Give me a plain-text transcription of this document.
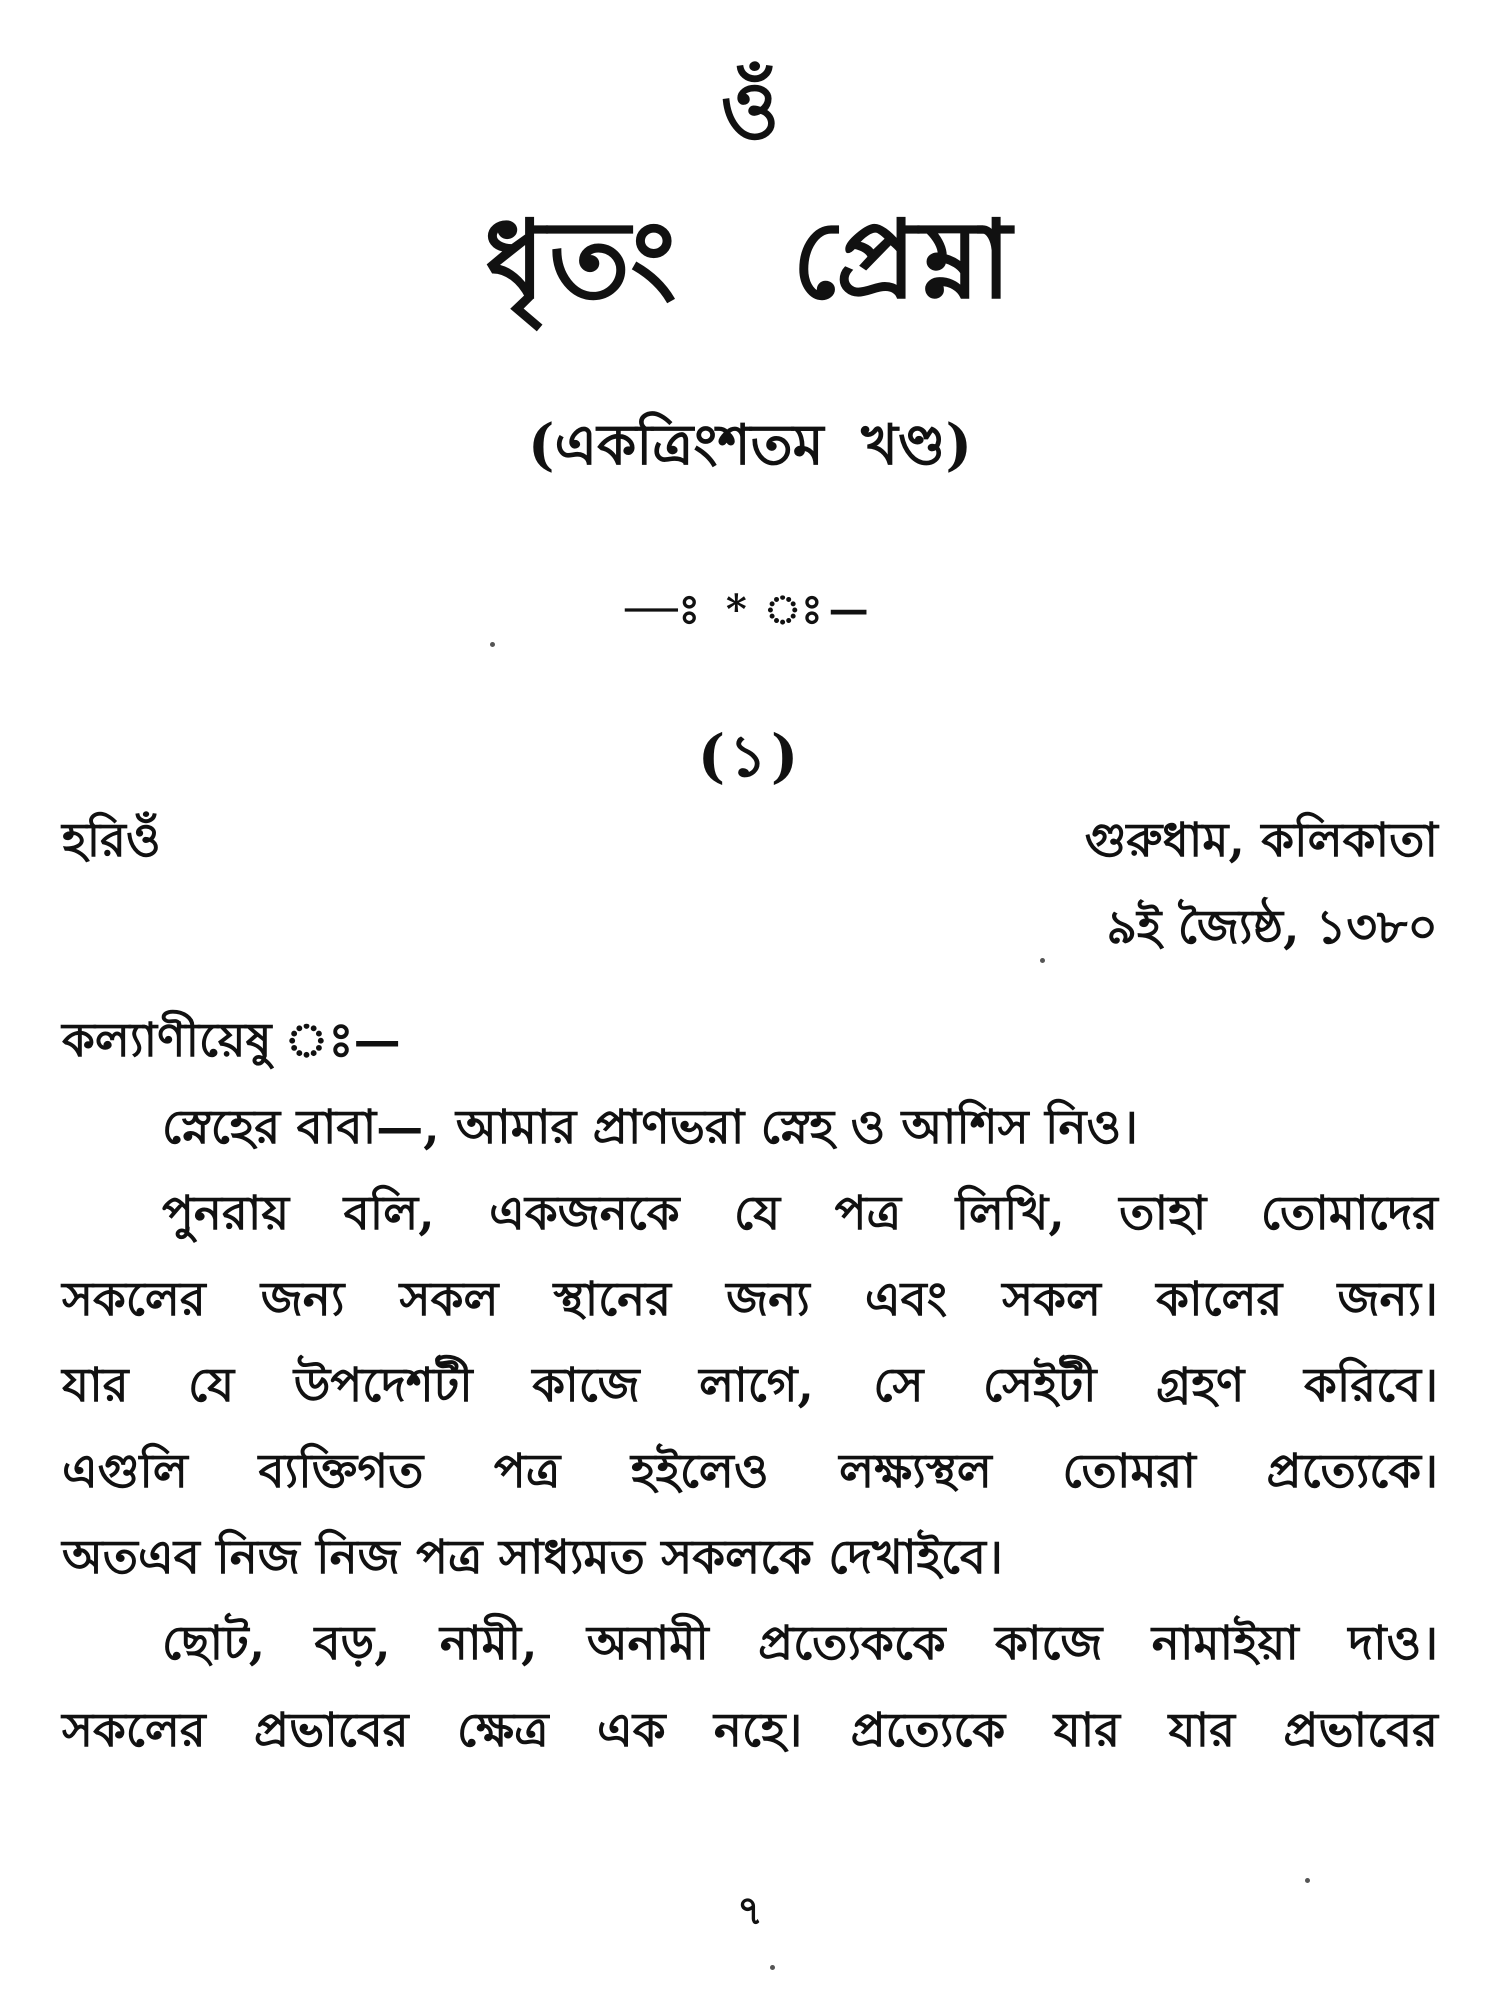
ওঁ
ধৃতং প্রেম্না
(একত্রিংশতম খণ্ড)
—ঃ * ঃ—
(১)
হরিওঁ	গুরুধাম, কলিকাতা
৯ই জ্যৈষ্ঠ, ১৩৮০
কল্যাণীয়েষু ঃ—
স্নেহের বাবা—, আমার প্রাণভরা স্নেহ ও আশিস নিও।
পুনরায় বলি, একজনকে যে পত্র লিখি, তাহা তোমাদের
সকলের জন্য সকল স্থানের জন্য এবং সকল কালের জন্য।
যার যে উপদেশটী কাজে লাগে, সে সেইটী গ্রহণ করিবে।
এগুলি ব্যক্তিগত পত্র হইলেও লক্ষ্যস্থল তোমরা প্রত্যেকে।
অতএব নিজ নিজ পত্র সাধ্যমত সকলকে দেখাইবে।
ছোট, বড়, নামী, অনামী প্রত্যেককে কাজে নামাইয়া দাও।
সকলের প্রভাবের ক্ষেত্র এক নহে। প্রত্যেকে যার যার প্রভাবের
৭
